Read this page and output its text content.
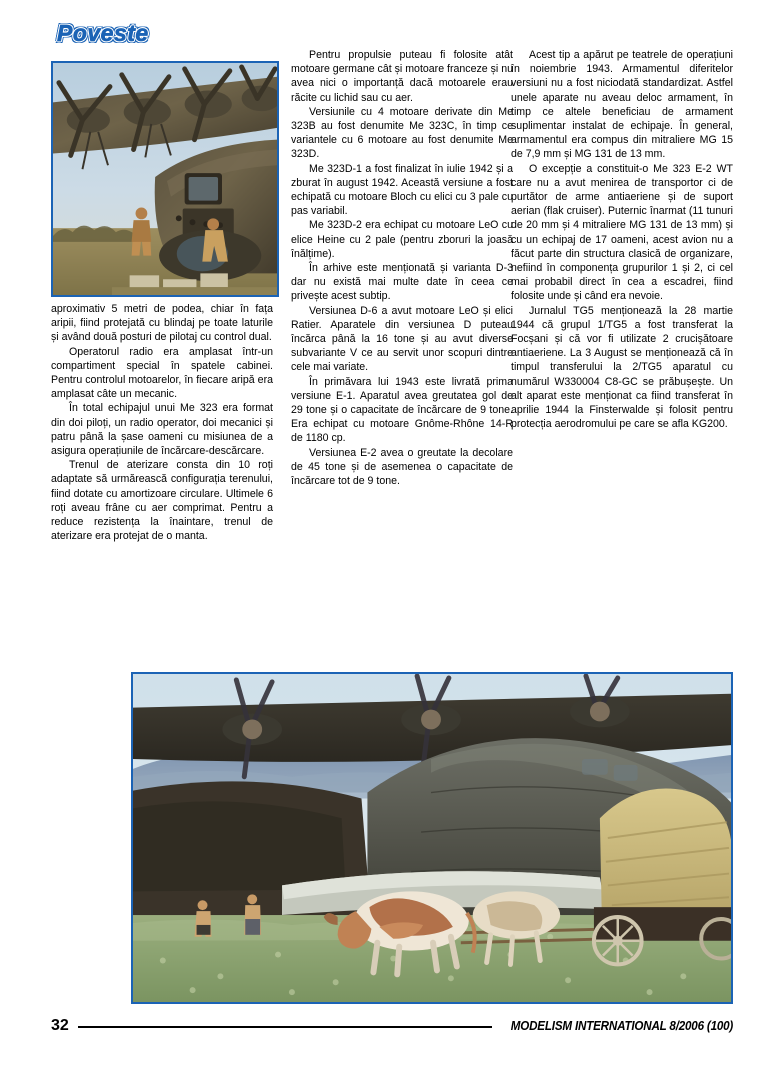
Poveste

aproximativ 5 metri de podea, chiar în fața aripii, fiind protejată cu blindaj pe toate laturile și având două posturi de pilotaj cu control dual.

Operatorul radio era amplasat într-un compartiment special în spatele cabinei. Pentru controlul motoarelor, în fiecare aripă era amplasat câte un mecanic.

În total echipajul unui Me 323 era format din doi piloți, un radio operator, doi mecanici și patru până la șase oameni cu misiunea de a asigura operațiunile de încărcare-descărcare.

Trenul de aterizare consta din 10 roți adaptate să urmărească configurația terenului, fiind dotate cu amortizoare circulare. Ultimele 6 roți aveau frâne cu aer comprimat. Pentru a reduce rezistența la înaintare, trenul de aterizare era protejat de o manta.

Pentru propulsie puteau fi folosite atât motoare germane cât și motoare franceze și nu avea nici o importanță dacă motoarele erau răcite cu lichid sau cu aer.

Versiunile cu 4 motoare derivate din Me 323B au fost denumite Me 323C, în timp ce variantele cu 6 motoare au fost denumite Me 323D.

Me 323D-1 a fost finalizat în iulie 1942 și a zburat în august 1942. Această versiune a fost echipată cu motoare Bloch cu elici cu 3 pale cu pas variabil.

Me 323D-2 era echipat cu motoare LeO cu elice Heine cu 2 pale (pentru zboruri la joasă înălțime).

În arhive este menționată și varianta D-3 dar nu există mai multe date în ceea ce privește acest subtip.

Versiunea D-6 a avut motoare LeO și elici Ratier. Aparatele din versiunea D puteau încărca până la 16 tone și au avut diverse subvariante V ce au servit unor scopuri dintre cele mai variate.

În primăvara lui 1943 este livrată prima versiune E-1. Aparatul avea greutatea gol de 29 tone și o capacitate de încărcare de 9 tone. Era echipat cu motoare Gnôme-Rhône 14-R de 1180 cp.

Versiunea E-2 avea o greutate la decolare de 45 tone și de asemenea o capacitate de încărcare tot de 9 tone.

Acest tip a apărut pe teatrele de operațiuni în noiembrie 1943. Armamentul diferitelor versiuni nu a fost niciodată standardizat. Astfel unele aparate nu aveau deloc armament, în timp ce altele beneficiau de armament suplimentar instalat de echipaje. În general, armamentul era compus din mitraliere MG 15 de 7,9 mm și MG 131 de 13 mm.

O excepție a constituit-o Me 323 E-2 WT care nu a avut menirea de transportor ci de purtător de arme antiaeriene și de suport aerian (flak cruiser). Puternic înarmat (11 tunuri de 20 mm și 4 mitraliere MG 131 de 13 mm) și cu un echipaj de 17 oameni, acest avion nu a făcut parte din structura clasică de organizare, nefiind în componența grupurilor 1 și 2, ci cel mai probabil direct în cea a escadrei, fiind folosite unde și când era nevoie.

Jurnalul TG5 menționează la 28 martie 1944 că grupul 1/TG5 a fost transferat la Focșani și că vor fi utilizate 2 crucișătoare antiaeriene. La 3 August se menționează că în timpul transferului la 2/TG5 aparatul cu numărul W330004 C8-GC se prăbușește. Un alt aparat este menționat ca fiind transferat în aprilie 1944 la Finsterwalde și folosit pentru protecția aerodromului pe care se afla KG200.

32	MODELISM INTERNATIONAL 8/2006 (100)
